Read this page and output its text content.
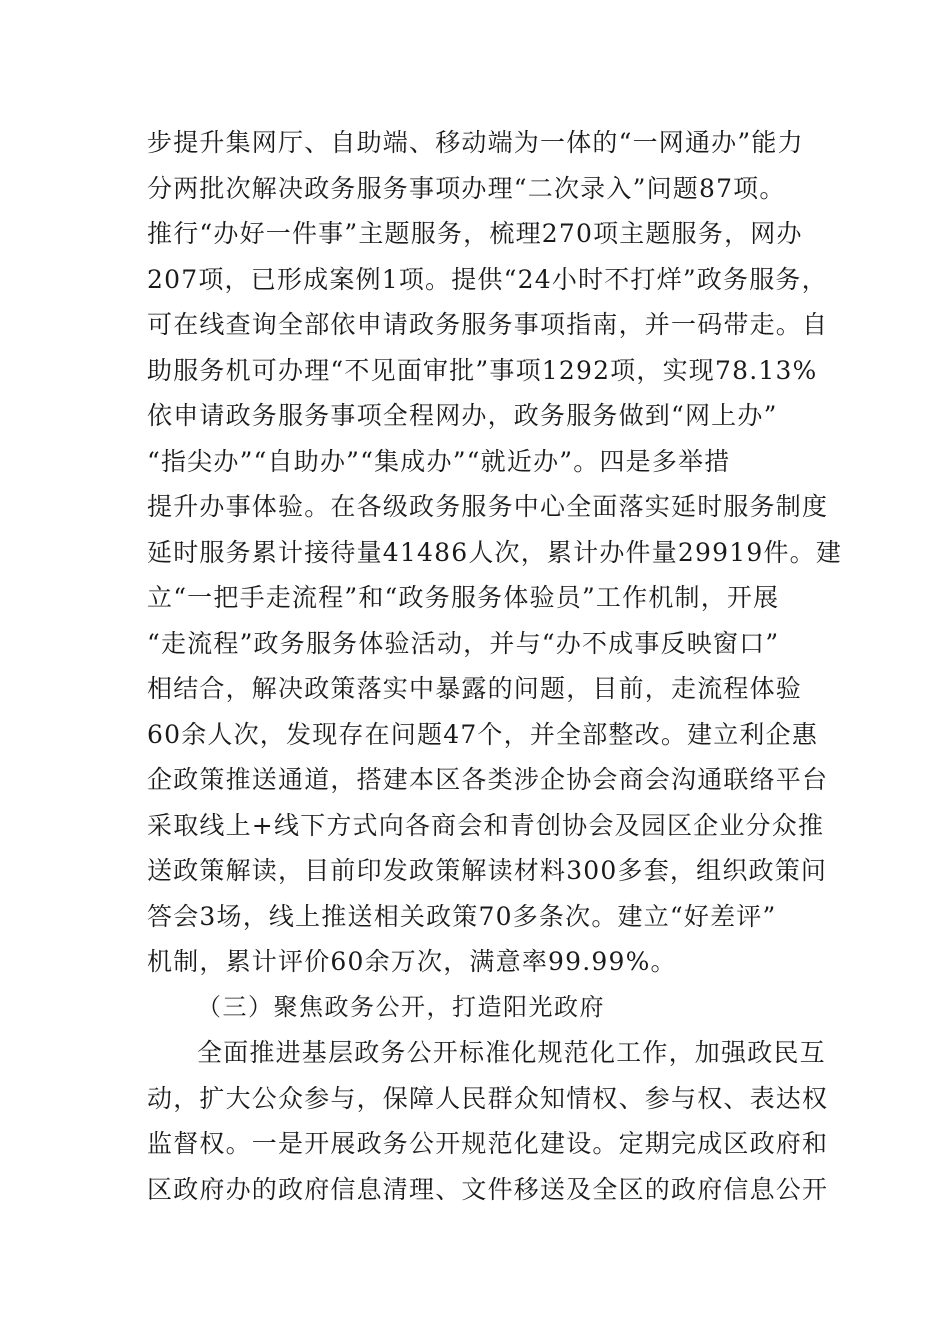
步提升集网厅、自助端、移动端为一体的“一网通办”能力
分两批次解决政务服务事项办理“二次录入”问题87项。
推行“办好一件事”主题服务，梳理270项主题服务，网办
207项，已形成案例1项。提供“24小时不打烊”政务服务，
可在线查询全部依申请政务服务事项指南，并一码带走。自
助服务机可办理“不见面审批”事项1292项，实现78.13%
依申请政务服务事项全程网办，政务服务做到“网上办”
“指尖办”“自助办”“集成办”“就近办”。四是多举措
提升办事体验。在各级政务服务中心全面落实延时服务制度
延时服务累计接待量41486人次，累计办件量29919件。建
立“一把手走流程”和“政务服务体验员”工作机制，开展
“走流程”政务服务体验活动，并与“办不成事反映窗口”
相结合，解决政策落实中暴露的问题，目前，走流程体验
60余人次，发现存在问题47个，并全部整改。建立利企惠
企政策推送通道，搭建本区各类涉企协会商会沟通联络平台
采取线上+线下方式向各商会和青创协会及园区企业分众推
送政策解读，目前印发政策解读材料300多套，组织政策问
答会3场，线上推送相关政策70多条次。建立“好差评”
机制，累计评价60余万次，满意率99.99%。
（三）聚焦政务公开，打造阳光政府
全面推进基层政务公开标准化规范化工作，加强政民互
动，扩大公众参与，保障人民群众知情权、参与权、表达权
监督权。一是开展政务公开规范化建设。定期完成区政府和
区政府办的政府信息清理、文件移送及全区的政府信息公开
